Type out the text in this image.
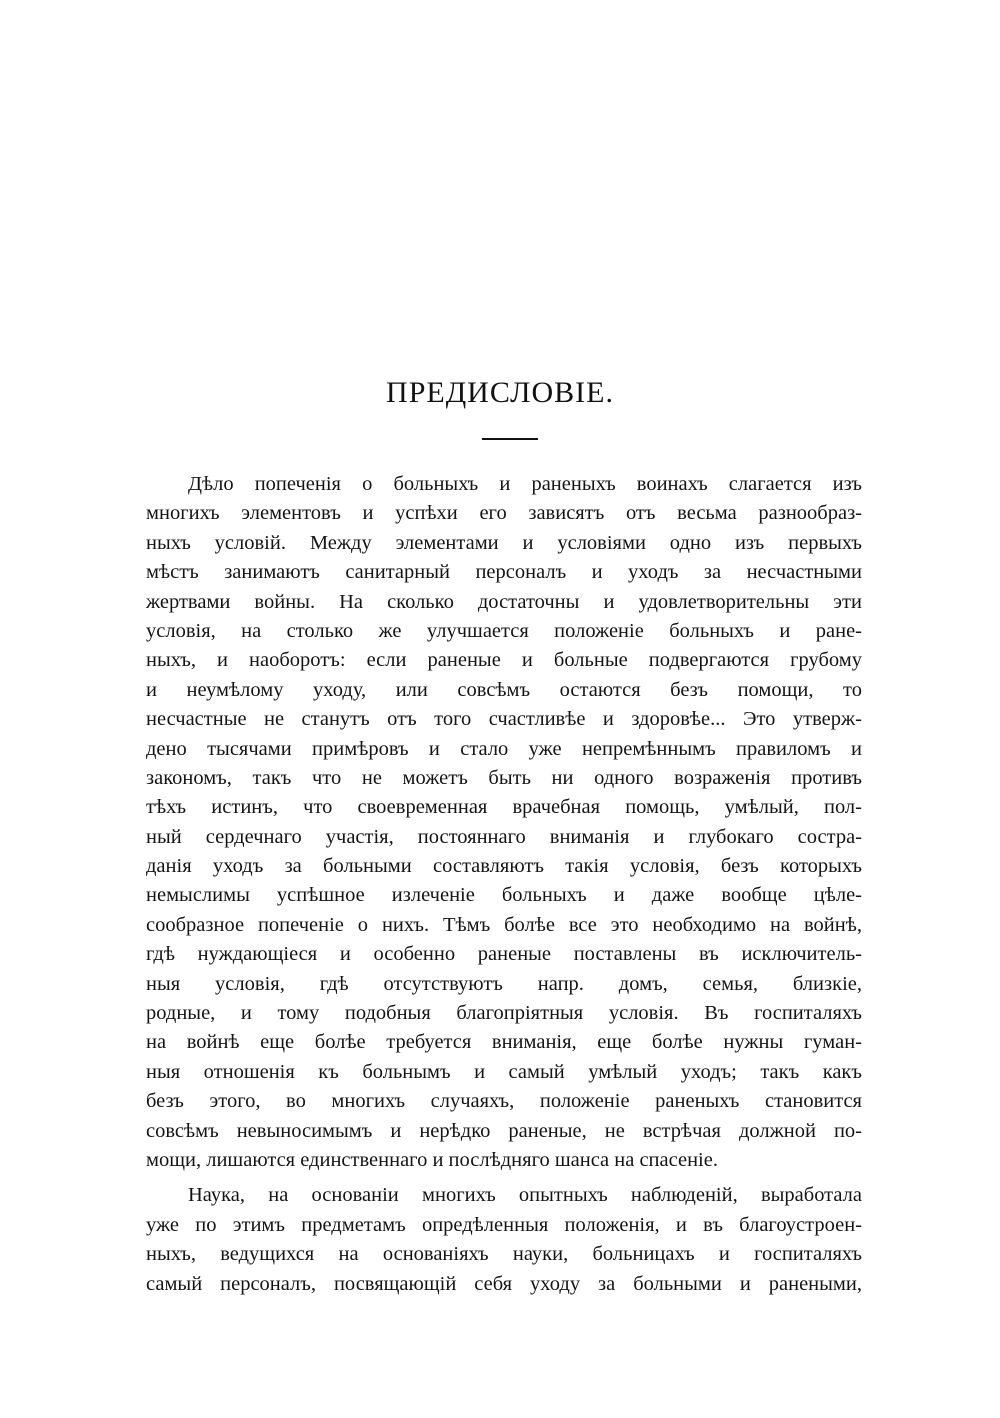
ПРЕДИСЛОВІЕ.
Дѣло попеченія о больныхъ и раненыхъ воинахъ слагается изъ
многихъ элементовъ и успѣхи его зависятъ отъ весьма разнообраз-
ныхъ условій. Между элементами и условіями одно изъ первыхъ
мѣстъ занимаютъ санитарный персоналъ и уходъ за несчастными
жертвами войны. На сколько достаточны и удовлетворительны эти
условія, на столько же улучшается положеніе больныхъ и ране-
ныхъ, и наоборотъ: если раненые и больные подвергаются грубому
и неумѣлому уходу, или совсѣмъ остаются безъ помощи, то
несчастные не станутъ отъ того счастливѣе и здоровѣе... Это утверж-
дено тысячами примѣровъ и стало уже непремѣннымъ правиломъ и
закономъ, такъ что не можетъ быть ни одного возраженія противъ
тѣхъ истинъ, что своевременная врачебная помощь, умѣлый, пол-
ный сердечнаго участія, постояннаго вниманія и глубокаго сострa-
данія уходъ за больными составляютъ такія условія, безъ которыхъ
немыслимы успѣшное излеченіе больныхъ и даже вообще цѣле-
сообразное попеченіе о нихъ. Тѣмъ болѣе все это необходимо на войнѣ,
гдѣ нуждающіеся и особенно раненые поставлены въ исключитель-
ныя условія, гдѣ отсутствуютъ напр. домъ, семья, близкіе,
родные, и тому подобныя благопріятныя условія. Въ госпиталяхъ
на войнѣ еще болѣе требуется вниманія, еще болѣе нужны гуман-
ныя отношенія къ больнымъ и самый умѣлый уходъ; такъ какъ
безъ этого, во многихъ случаяхъ, положеніе раненыхъ становится
совсѣмъ невыносимымъ и нерѣдко раненые, не встрѣчая должной по-
мощи, лишаются единственнаго и послѣдняго шанса на спасеніе.
Наука, на основаніи многихъ опытныхъ наблюденій, выработала
уже по этимъ предметамъ опредѣленныя положенія, и въ благоустроен-
ныхъ, ведущихся на основаніяхъ науки, больницахъ и госпиталяхъ
самый персоналъ, посвящающій себя уходу за больными и ранеными,
